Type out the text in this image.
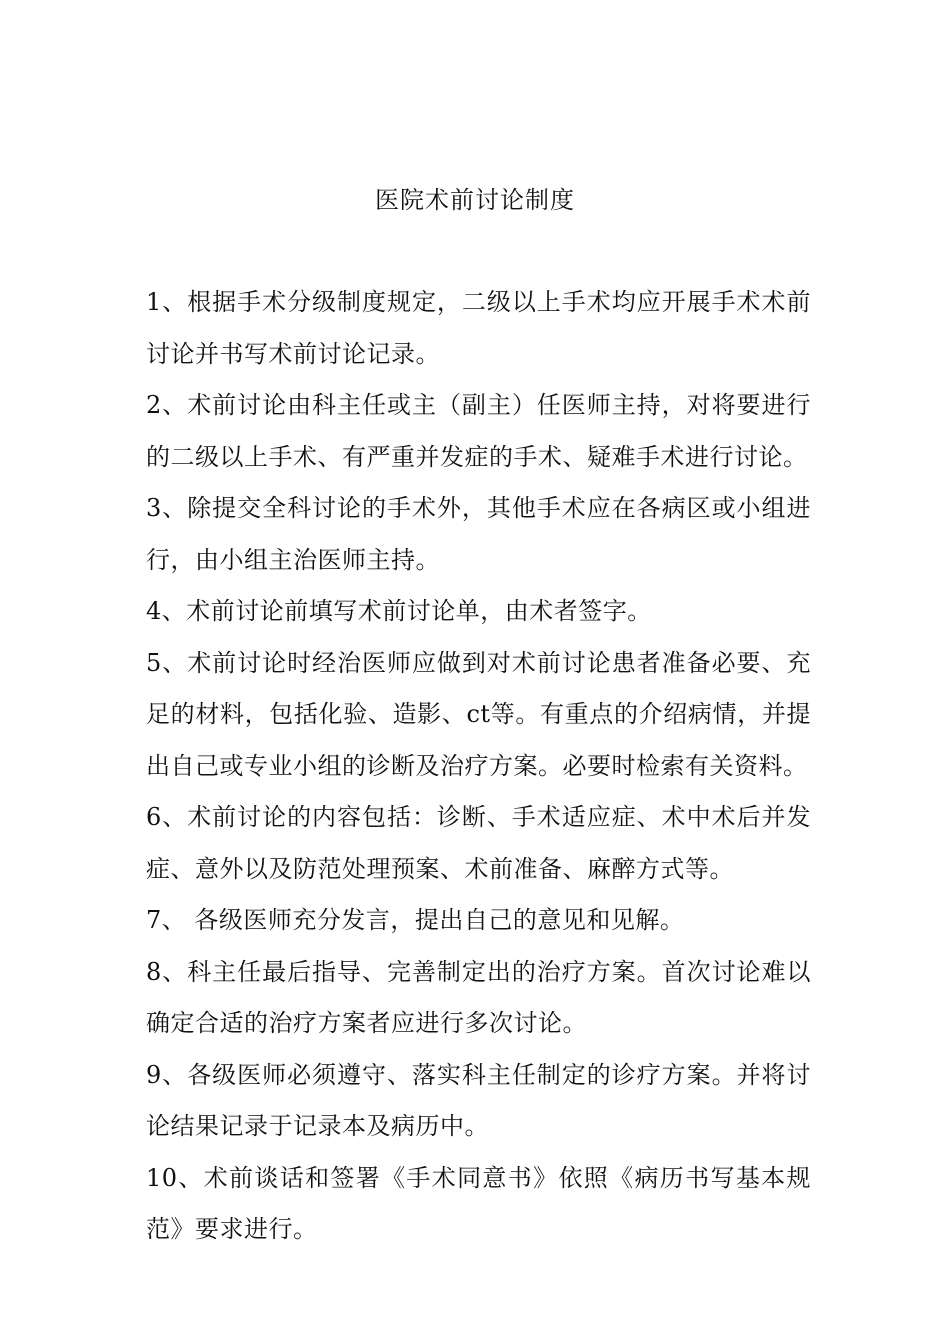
医院术前讨论制度

1、根据手术分级制度规定，二级以上手术均应开展手术术前讨论并书写术前讨论记录。

2、术前讨论由科主任或主（副主）任医师主持，对将要进行的二级以上手术、有严重并发症的手术、疑难手术进行讨论。

3、除提交全科讨论的手术外，其他手术应在各病区或小组进行，由小组主治医师主持。

4、术前讨论前填写术前讨论单，由术者签字。

5、术前讨论时经治医师应做到对术前讨论患者准备必要、充足的材料，包括化验、造影、ct等。有重点的介绍病情，并提出自己或专业小组的诊断及治疗方案。必要时检索有关资料。

6、术前讨论的内容包括：诊断、手术适应症、术中术后并发症、意外以及防范处理预案、术前准备、麻醉方式等。

7、 各级医师充分发言，提出自己的意见和见解。

8、科主任最后指导、完善制定出的治疗方案。首次讨论难以确定合适的治疗方案者应进行多次讨论。

9、各级医师必须遵守、落实科主任制定的诊疗方案。并将讨论结果记录于记录本及病历中。

10、术前谈话和签署《手术同意书》依照《病历书写基本规范》要求进行。
